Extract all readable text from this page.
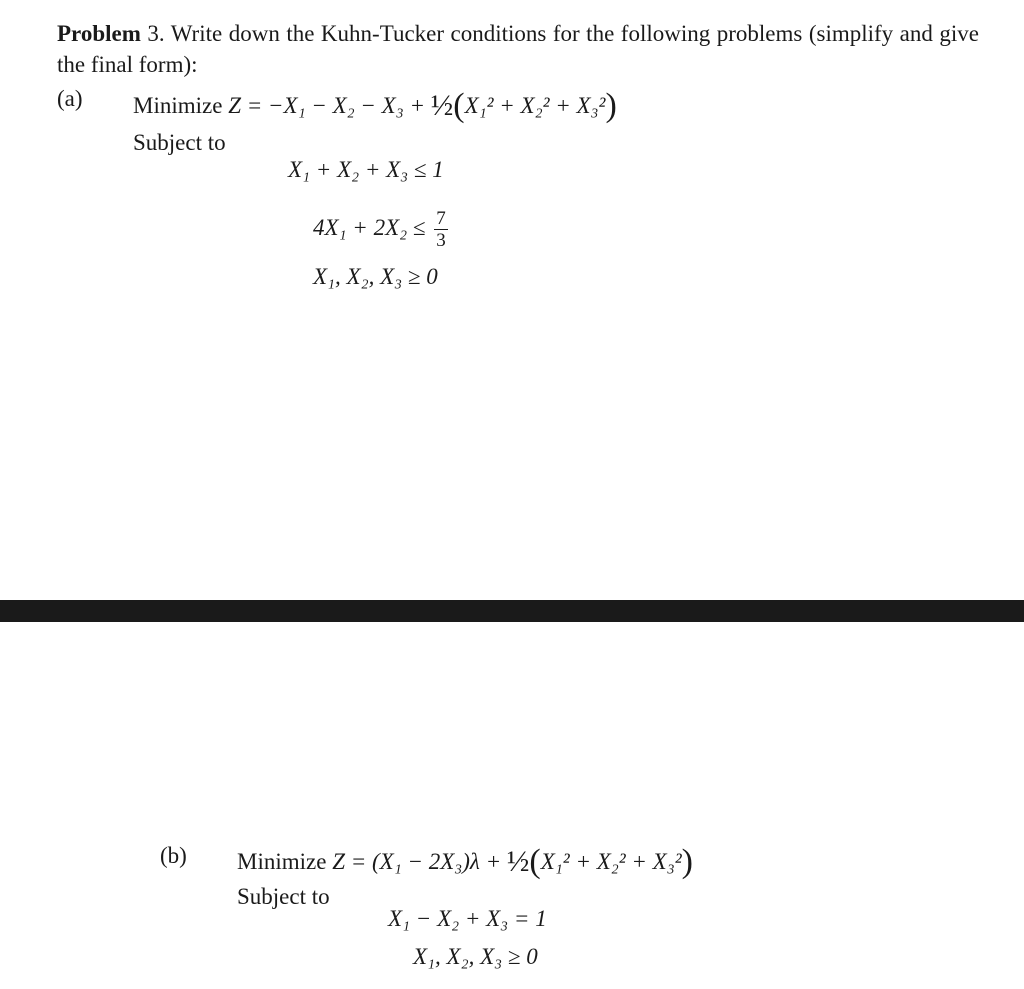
Problem 3. Write down the Kuhn-Tucker conditions for the following problems (simplify and give the final form):
(a) Minimize Z = −X₁ − X₂ − X₃ + ½(X₁² + X₂² + X₃²)
Subject to
X₁ + X₂ + X₃ ≤ 1
$4X_1 + 2X_2 \le \frac{7}{3}$
X₁, X₂, X₃ ≥ 0
(b) Minimize Z = (X₁ − 2X₃)λ + ½(X₁² + X₂² + X₃²)
Subject to
X₁ − X₂ + X₃ = 1
X₁, X₂, X₃ ≥ 0
